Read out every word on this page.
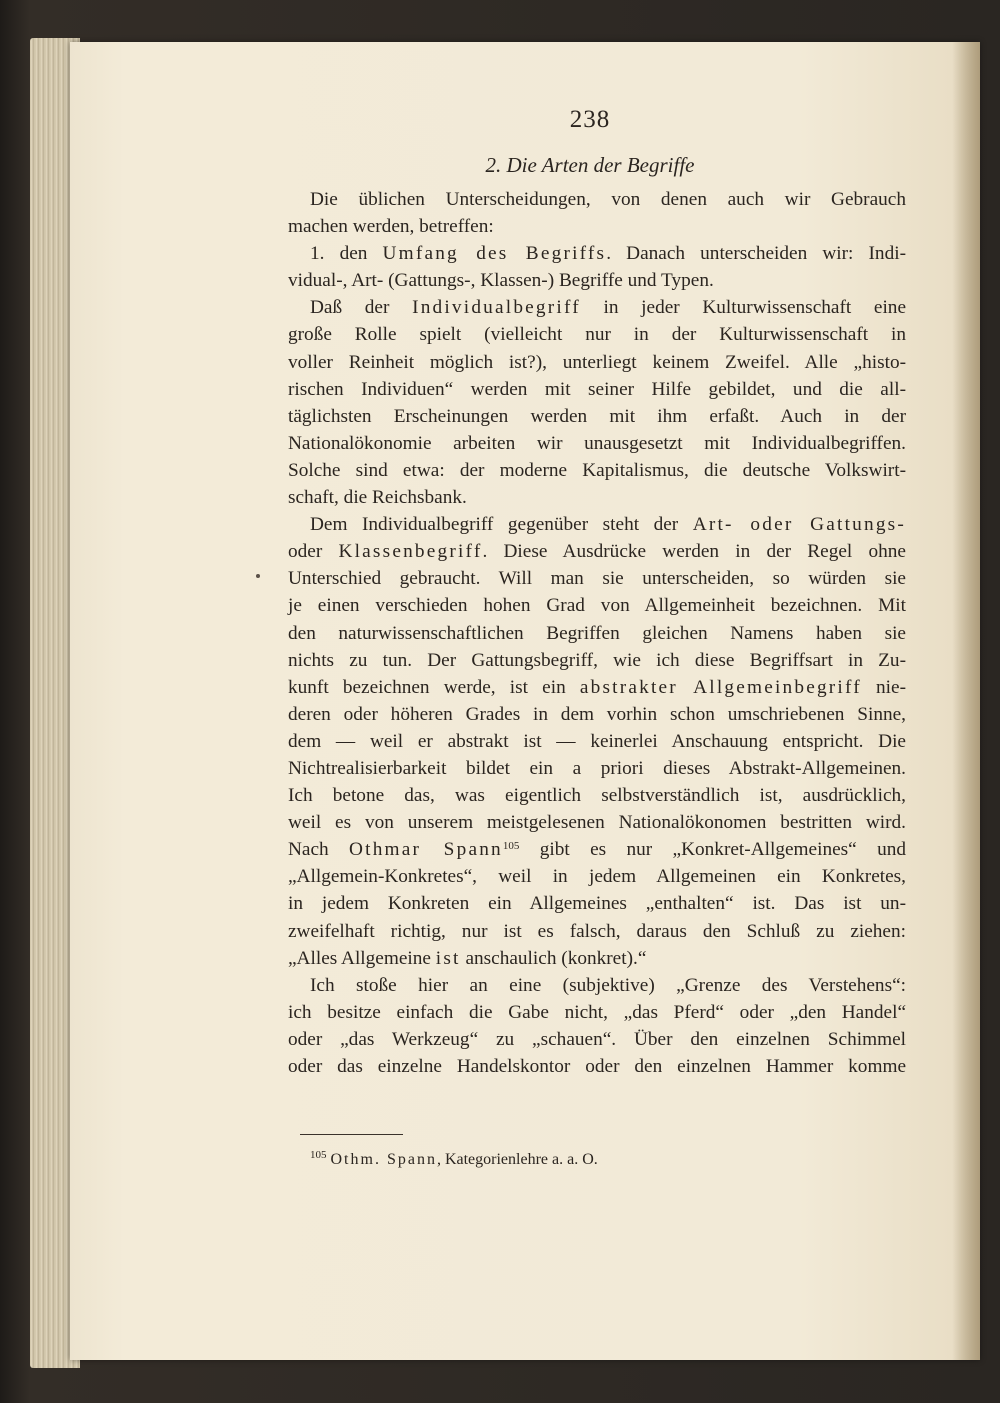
238
2. Die Arten der Begriffe
Die üblichen Unterscheidungen, von denen auch wir Gebrauch
machen werden, betreffen:
1. den Umfang des Begriffs. Danach unterscheiden wir: Indi-
vidual-, Art- (Gattungs-, Klassen-) Begriffe und Typen.
Daß der Individualbegriff in jeder Kulturwissenschaft eine
große Rolle spielt (vielleicht nur in der Kulturwissenschaft in
voller Reinheit möglich ist?), unterliegt keinem Zweifel. Alle „histo-
rischen Individuen“ werden mit seiner Hilfe gebildet, und die all-
täglichsten Erscheinungen werden mit ihm erfaßt. Auch in der
Nationalökonomie arbeiten wir unausgesetzt mit Individualbegriffen.
Solche sind etwa: der moderne Kapitalismus, die deutsche Volkswirt-
schaft, die Reichsbank.
Dem Individualbegriff gegenüber steht der Art- oder Gattungs-
oder Klassenbegriff. Diese Ausdrücke werden in der Regel ohne
Unterschied gebraucht. Will man sie unterscheiden, so würden sie
je einen verschieden hohen Grad von Allgemeinheit bezeichnen. Mit
den naturwissenschaftlichen Begriffen gleichen Namens haben sie
nichts zu tun. Der Gattungsbegriff, wie ich diese Begriffsart in Zu-
kunft bezeichnen werde, ist ein abstrakter Allgemeinbegriff nie-
deren oder höheren Grades in dem vorhin schon umschriebenen Sinne,
dem — weil er abstrakt ist — keinerlei Anschauung entspricht. Die
Nichtrealisierbarkeit bildet ein a priori dieses Abstrakt-Allgemeinen.
Ich betone das, was eigentlich selbstverständlich ist, ausdrücklich,
weil es von unserem meistgelesenen Nationalökonomen bestritten wird.
Nach Othmar Spann$^{105}$ gibt es nur „Konkret-Allgemeines“ und
„Allgemein-Konkretes“, weil in jedem Allgemeinen ein Konkretes,
in jedem Konkreten ein Allgemeines „enthalten“ ist. Das ist un-
zweifelhaft richtig, nur ist es falsch, daraus den Schluß zu ziehen:
„Alles Allgemeine ist anschaulich (konkret).“
Ich stoße hier an eine (subjektive) „Grenze des Verstehens“:
ich besitze einfach die Gabe nicht, „das Pferd“ oder „den Handel“
oder „das Werkzeug“ zu „schauen“. Über den einzelnen Schimmel
oder das einzelne Handelskontor oder den einzelnen Hammer komme
$^{105}$ Othm. Spann, Kategorienlehre a. a. O.
